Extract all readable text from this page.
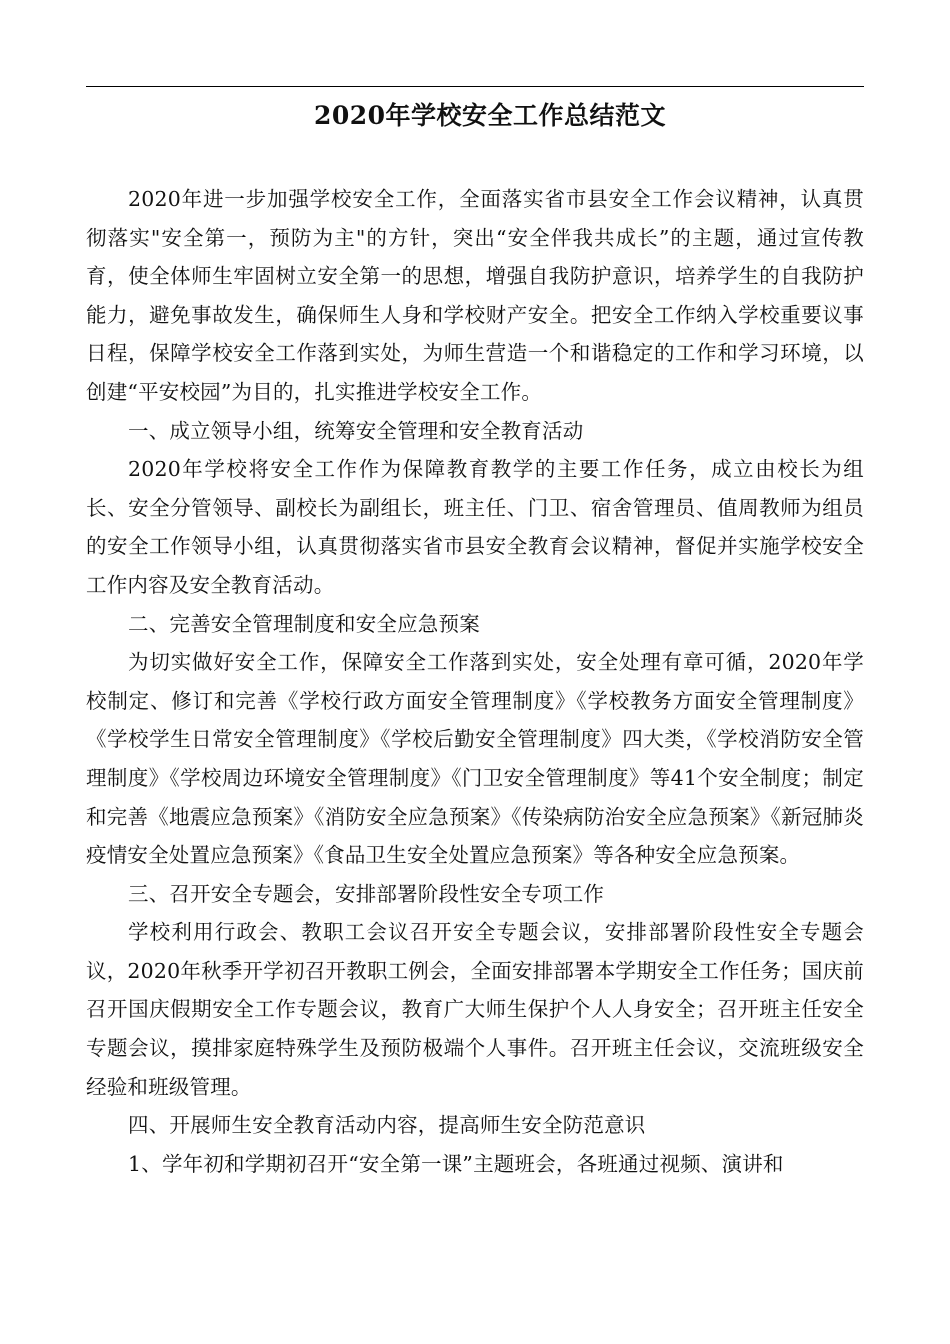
2020年学校安全工作总结范文

2020年进一步加强学校安全工作，全面落实省市县安全工作会议精神，认真贯彻落实"安全第一，预防为主"的方针，突出“安全伴我共成长”的主题，通过宣传教育，使全体师生牢固树立安全第一的思想，增强自我防护意识，培养学生的自我防护能力，避免事故发生，确保师生人身和学校财产安全。把安全工作纳入学校重要议事日程，保障学校安全工作落到实处，为师生营造一个和谐稳定的工作和学习环境，以创建“平安校园”为目的，扎实推进学校安全工作。

一、成立领导小组，统筹安全管理和安全教育活动

2020年学校将安全工作作为保障教育教学的主要工作任务，成立由校长为组长、安全分管领导、副校长为副组长，班主任、门卫、宿舍管理员、值周教师为组员的安全工作领导小组，认真贯彻落实省市县安全教育会议精神，督促并实施学校安全工作内容及安全教育活动。

二、完善安全管理制度和安全应急预案

为切实做好安全工作，保障安全工作落到实处，安全处理有章可循，2020年学校制定、修订和完善《学校行政方面安全管理制度》《学校教务方面安全管理制度》《学校学生日常安全管理制度》《学校后勤安全管理制度》四大类，《学校消防安全管理制度》《学校周边环境安全管理制度》《门卫安全管理制度》等41个安全制度；制定和完善《地震应急预案》《消防安全应急预案》《传染病防治安全应急预案》《新冠肺炎疫情安全处置应急预案》《食品卫生安全处置应急预案》等各种安全应急预案。

三、召开安全专题会，安排部署阶段性安全专项工作

学校利用行政会、教职工会议召开安全专题会议，安排部署阶段性安全专题会议，2020年秋季开学初召开教职工例会，全面安排部署本学期安全工作任务；国庆前召开国庆假期安全工作专题会议，教育广大师生保护个人人身安全；召开班主任安全专题会议，摸排家庭特殊学生及预防极端个人事件。召开班主任会议，交流班级安全经验和班级管理。

四、开展师生安全教育活动内容，提高师生安全防范意识

1、学年初和学期初召开“安全第一课”主题班会，各班通过视频、演讲和
